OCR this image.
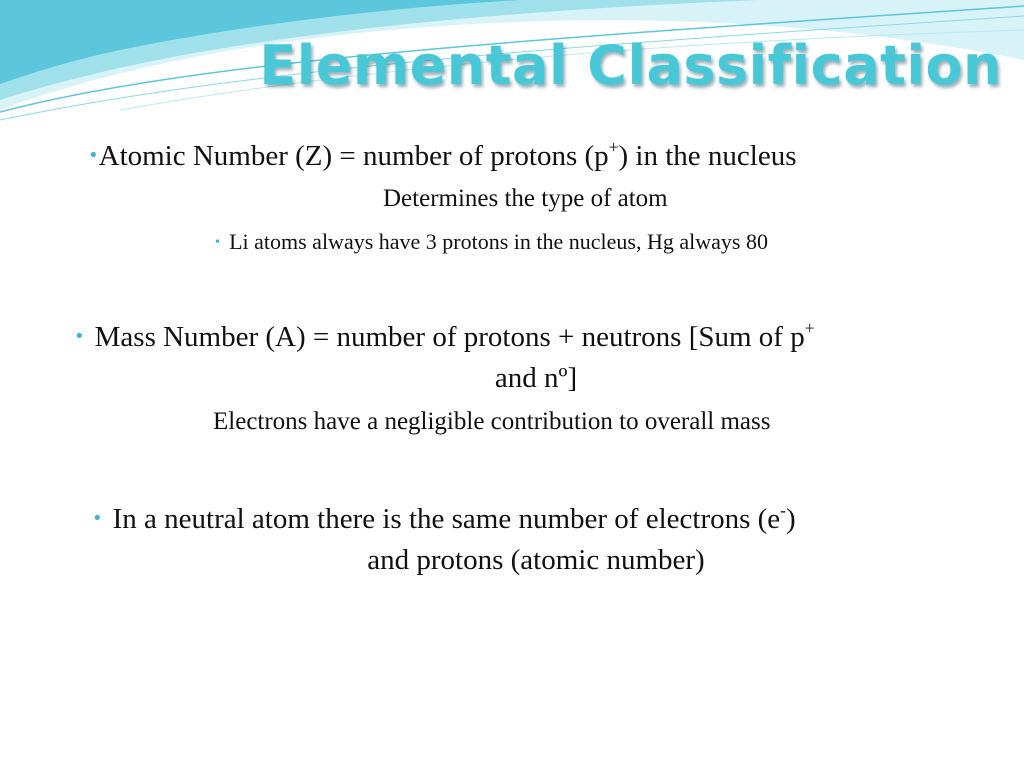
Elemental Classification
•Atomic Number (Z) = number of protons (p+) in the nucleus
Determines the type of atom
• Li atoms always have 3 protons in the nucleus, Hg always 80
• Mass Number (A) = number of protons + neutrons [Sum of p+
and nº]
Electrons have a negligible contribution to overall mass
• In a neutral atom there is the same number of electrons (e-)
and protons (atomic number)
